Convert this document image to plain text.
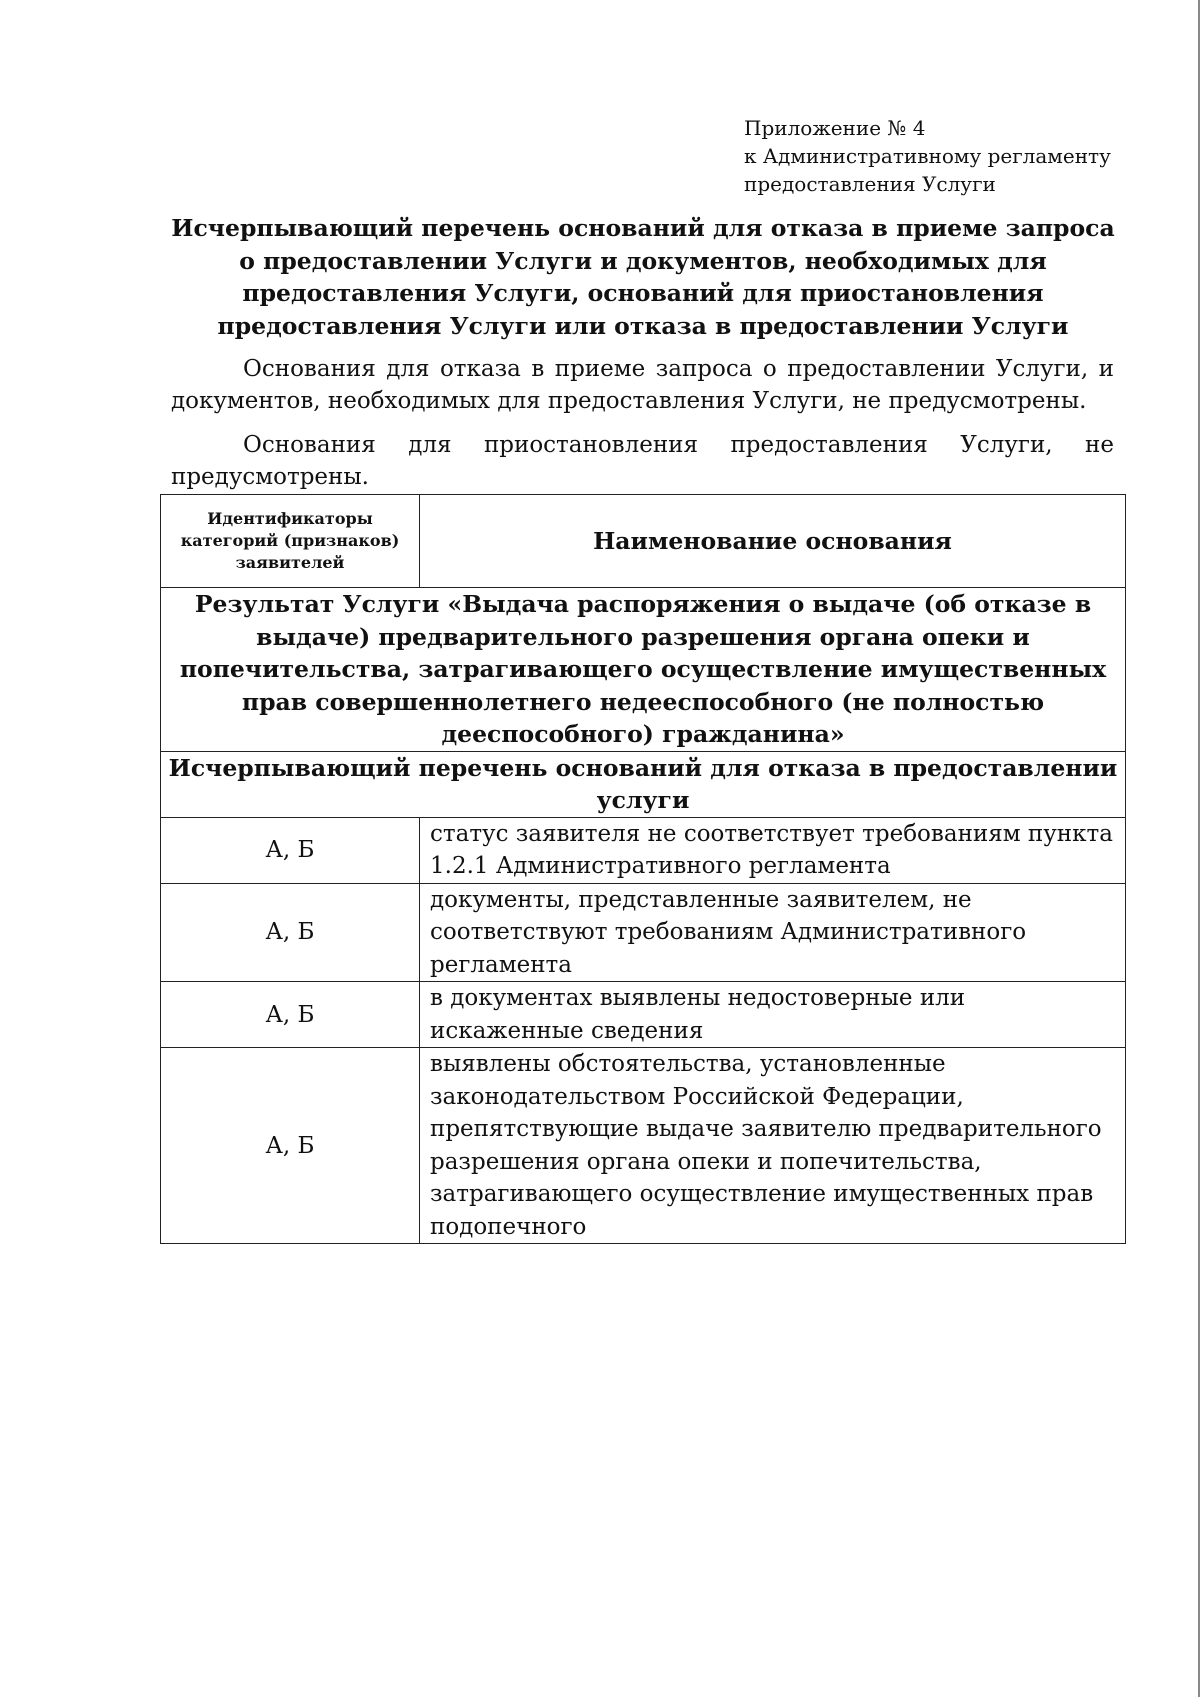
Приложение № 4
к Административному регламенту
предоставления Услуги
Исчерпывающий перечень оснований для отказа в приеме запроса о предоставлении Услуги и документов, необходимых для предоставления Услуги, оснований для приостановления предоставления Услуги или отказа в предоставлении Услуги
Основания для отказа в приеме запроса о предоставлении Услуги, и документов, необходимых для предоставления Услуги, не предусмотрены.
Основания для приостановления предоставления Услуги, не предусмотрены.
Идентификаторы категорий (признаков) заявителей	Наименование основания
Результат Услуги «Выдача распоряжения о выдаче (об отказе в выдаче) предварительного разрешения органа опеки и попечительства, затрагивающего осуществление имущественных прав совершеннолетнего недееспособного (не полностью дееспособного) гражданина»	
Исчерпывающий перечень оснований для отказа в предоставлении услуги	
А, Б	статус заявителя не соответствует требованиям пункта 1.2.1 Административного регламента
А, Б	документы, представленные заявителем, не соответствуют требованиям Административного регламента
А, Б	в документах выявлены недостоверные или искаженные сведения
А, Б	выявлены обстоятельства, установленные законодательством Российской Федерации, препятствующие выдаче заявителю предварительного разрешения органа опеки и попечительства, затрагивающего осуществление имущественных прав подопечного
